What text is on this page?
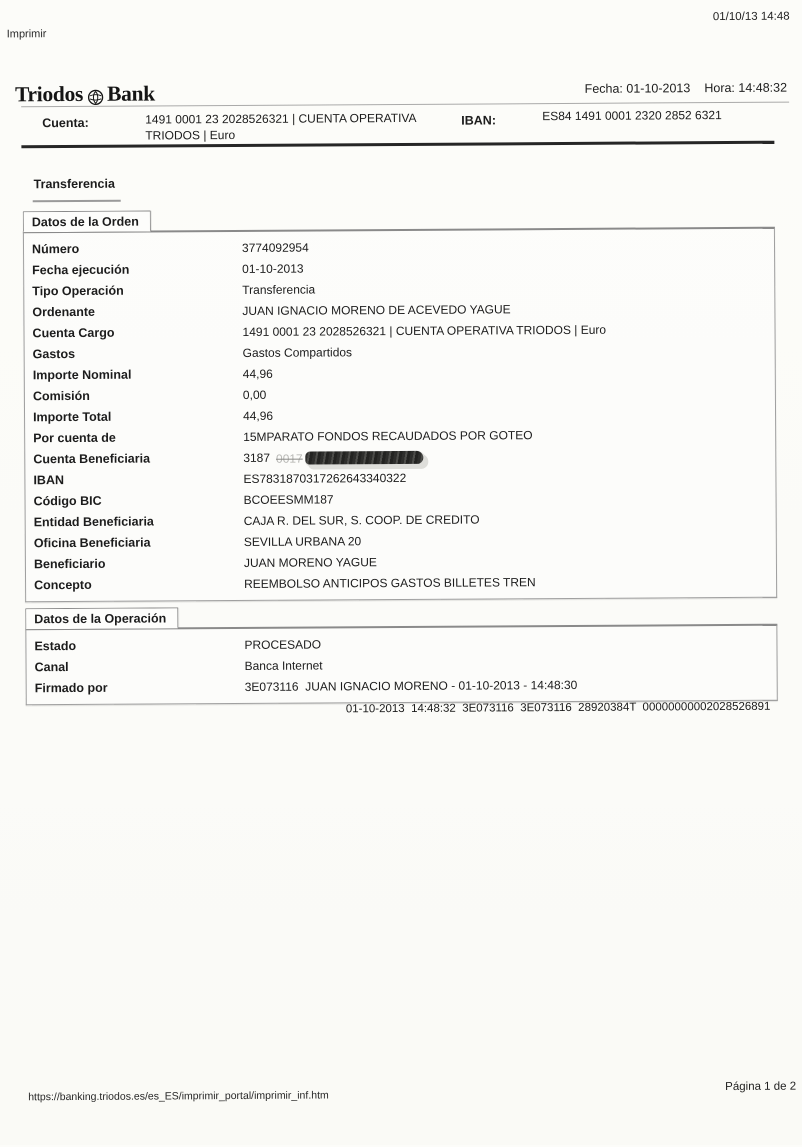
Imprimir
01/10/13 14:48
Triodos Bank	Fecha: 01-10-2013 Hora: 14:48:32
Cuenta:	1491 0001 23 2028526321 | CUENTA OPERATIVA TRIODOS | Euro
IBAN:	ES84 1491 0001 2320 2852 6321
Transferencia
Datos de la Orden
Número	3774092954
Fecha ejecución	01-10-2013
Tipo Operación	Transferencia
Ordenante	JUAN IGNACIO MORENO DE ACEVEDO YAGUE
Cuenta Cargo	1491 0001 23 2028526321 | CUENTA OPERATIVA TRIODOS | Euro
Gastos	Gastos Compartidos
Importe Nominal	44,96
Comisión	0,00
Importe Total	44,96
Por cuenta de	15MPARATO FONDOS RECAUDADOS POR GOTEO
Cuenta Beneficiaria	3187 0017
IBAN	ES7831870317262643340322
Código BIC	BCOEESMM187
Entidad Beneficiaria	CAJA R. DEL SUR, S. COOP. DE CREDITO
Oficina Beneficiaria	SEVILLA URBANA 20
Beneficiario	JUAN MORENO YAGUE
Concepto	REEMBOLSO ANTICIPOS GASTOS BILLETES TREN
Datos de la Operación
Estado	PROCESADO
Canal	Banca Internet
Firmado por	3E073116  JUAN IGNACIO MORENO - 01-10-2013 - 14:48:30
01-10-2013  14:48:32  3E073116  3E073116  28920384T  00000000002028526891
https://banking.triodos.es/es_ES/imprimir_portal/imprimir_inf.htm
Página 1 de 2
